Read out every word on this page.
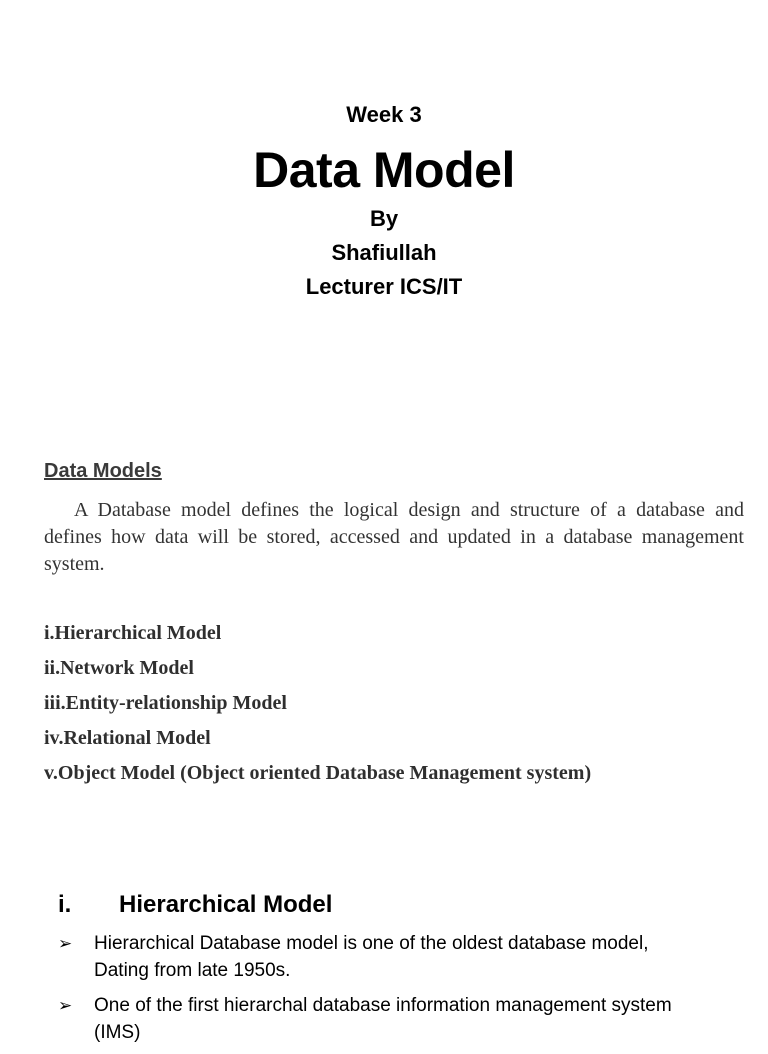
Week 3

Data Model

By

Shafiullah

Lecturer ICS/IT

Data Models

A Database model defines the logical design and structure of a database and defines how data will be stored, accessed and updated in a database management system.

i.Hierarchical Model
ii.Network Model
iii.Entity-relationship Model
iv.Relational Model
v.Object Model (Object oriented Database Management system)
i. Hierarchical Model
➢ Hierarchical Database model is one of the oldest database model, Dating from late 1950s.
➢ One of the first hierarchal database information management system (IMS)
